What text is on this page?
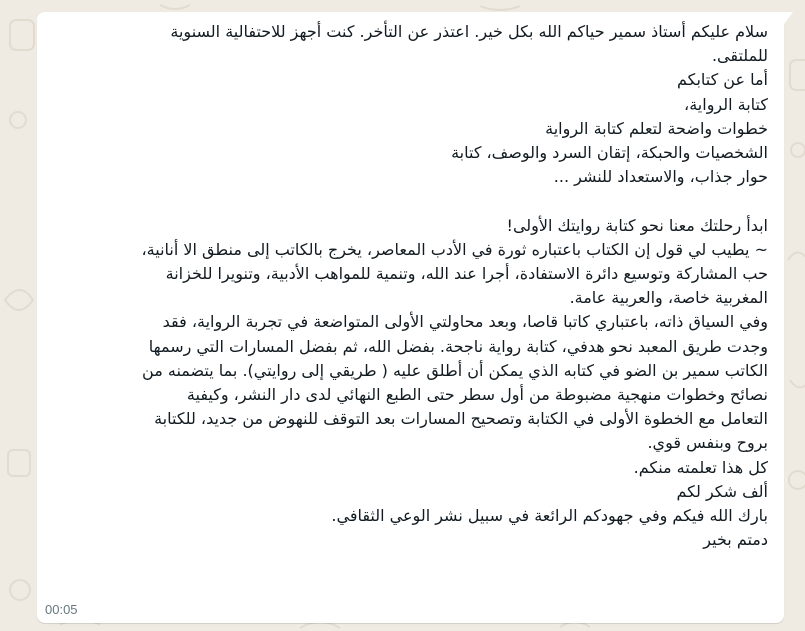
سلام عليكم أستاذ سمير حياكم الله بكل خير. اعتذر عن التأخر. كنت أجهز للاحتفالية السنوية
للملتقى.
أما عن كتابكم
كتابة الرواية،
خطوات واضحة لتعلم كتابة الرواية
الشخصيات والحبكة، إتقان السرد والوصف، كتابة
حوار جذاب، والاستعداد للنشر ...

ابدأ رحلتك معنا نحو كتابة روايتك الأولى!
~ يطيب لي قول إن الكتاب باعتباره ثورة في الأدب المعاصر، يخرج بالكاتب إلى منطق الا أنانية،
حب المشاركة وتوسيع دائرة الاستفادة، أجرا عند الله، وتنمية للمواهب الأدبية، وتنويرا للخزانة
المغربية خاصة، والعربية عامة.
وفي السياق ذاته، باعتباري كاتبا قاصا، وبعد محاولتي الأولى المتواضعة في تجربة الرواية، فقد
وجدت طريق المعبد نحو هدفي، كتابة رواية ناجحة. بفضل الله، ثم بفضل المسارات التي رسمها
الكاتب سمير بن الضو في كتابه الذي يمكن أن أطلق عليه ( طريقي إلى روايتي). بما يتضمنه من
نصائح وخطوات منهجية مضبوطة من أول سطر حتى الطبع النهائي لدى دار النشر، وكيفية
التعامل مع الخطوة الأولى في الكتابة وتصحيح المسارات بعد التوقف للنهوض من جديد، للكتابة
بروح وبنفس قوي.
كل هذا تعلمته منكم.
ألف شكر لكم
بارك الله فيكم وفي جهودكم الرائعة في سبيل نشر الوعي الثقافي.
دمتم بخير
00:05
